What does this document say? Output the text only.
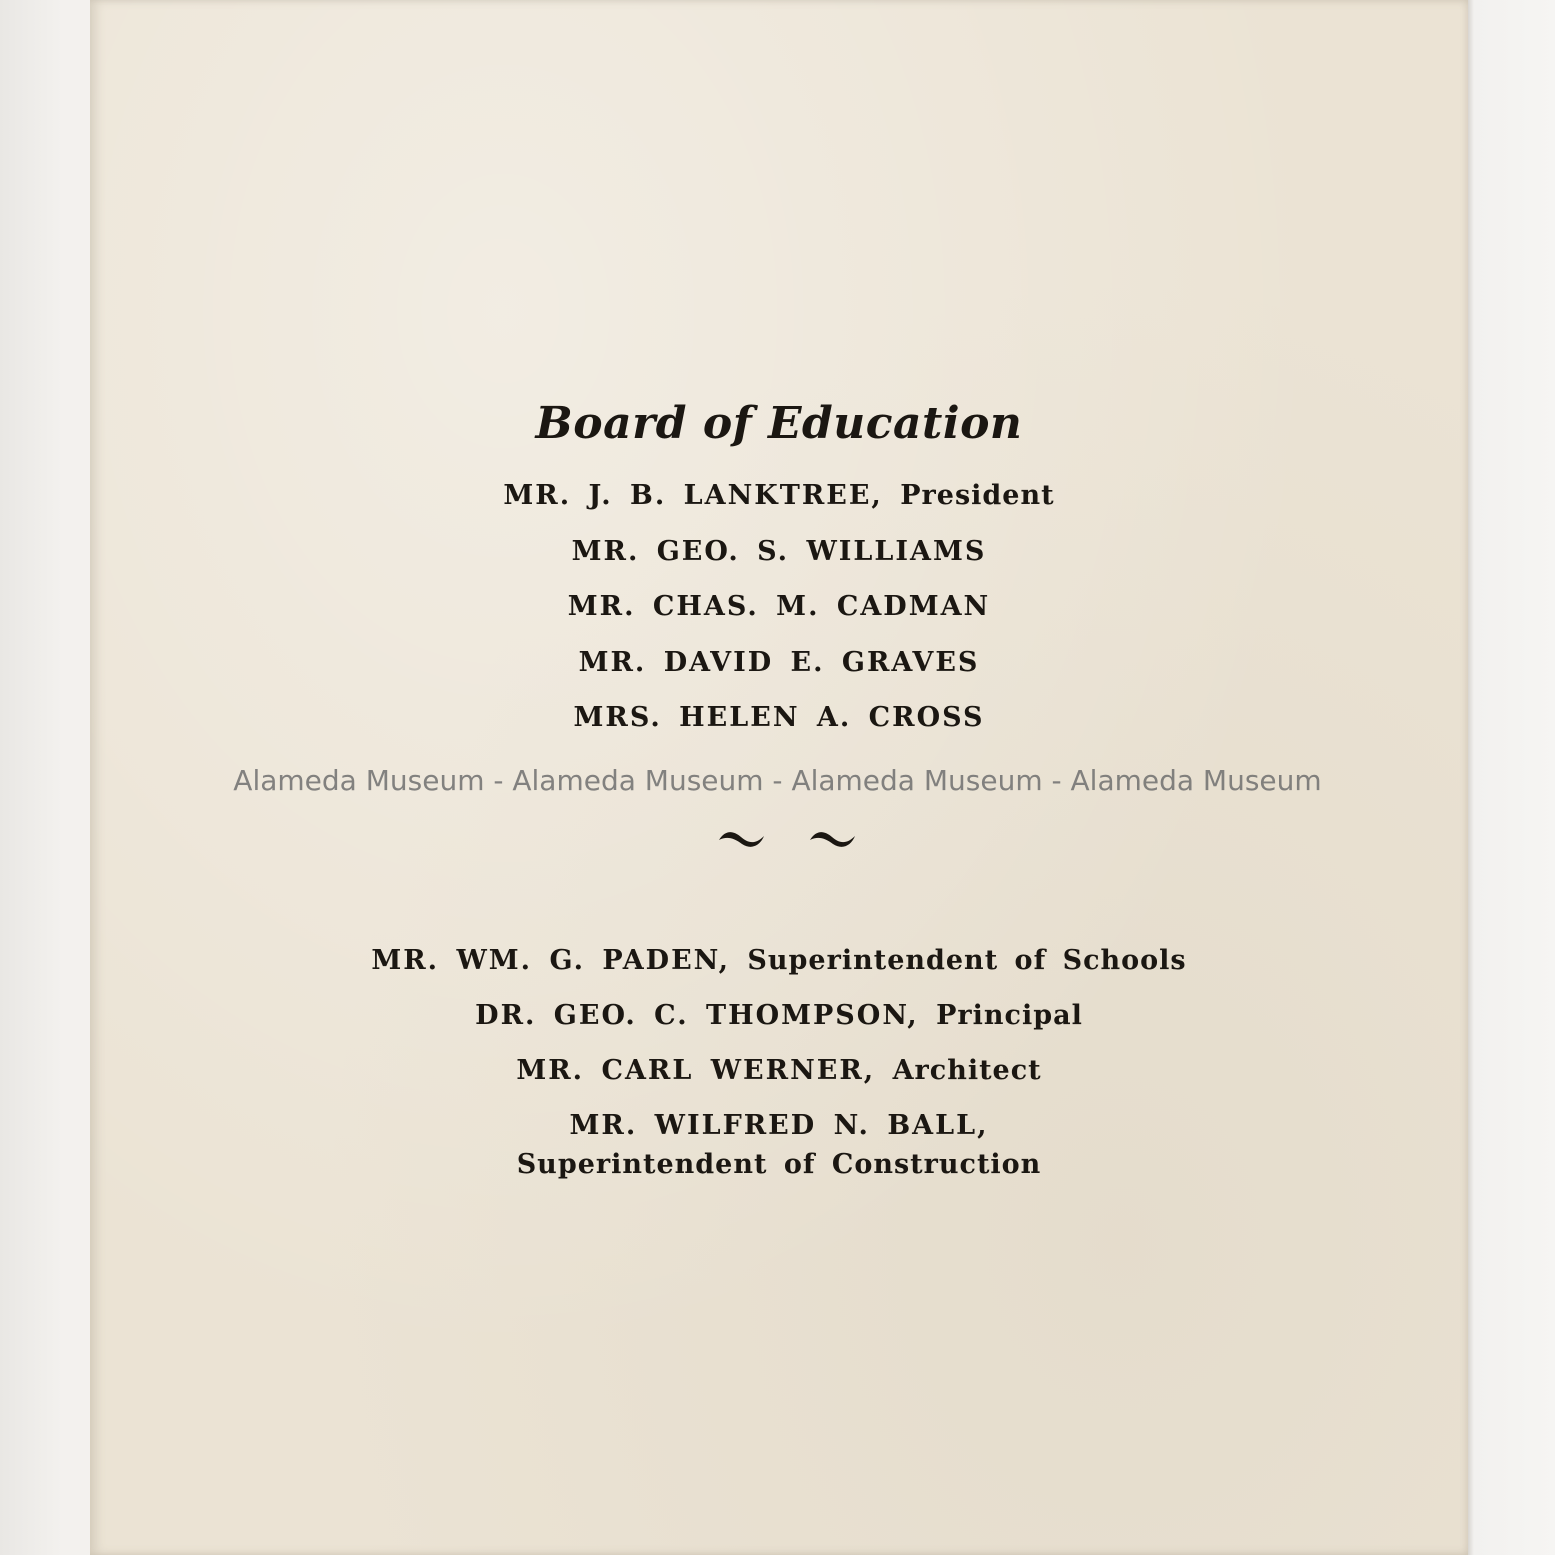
Board of Education

MR. J. B. LANKTREE, President

MR. GEO. S. WILLIAMS

MR. CHAS. M. CADMAN

MR. DAVID E. GRAVES

MRS. HELEN A. CROSS

MR. WM. G. PADEN, Superintendent of Schools

DR. GEO. C. THOMPSON, Principal

MR. CARL WERNER, Architect

MR. WILFRED N. BALL,

Superintendent of Construction

Alameda Museum - Alameda Museum - Alameda Museum - Alameda Museum
